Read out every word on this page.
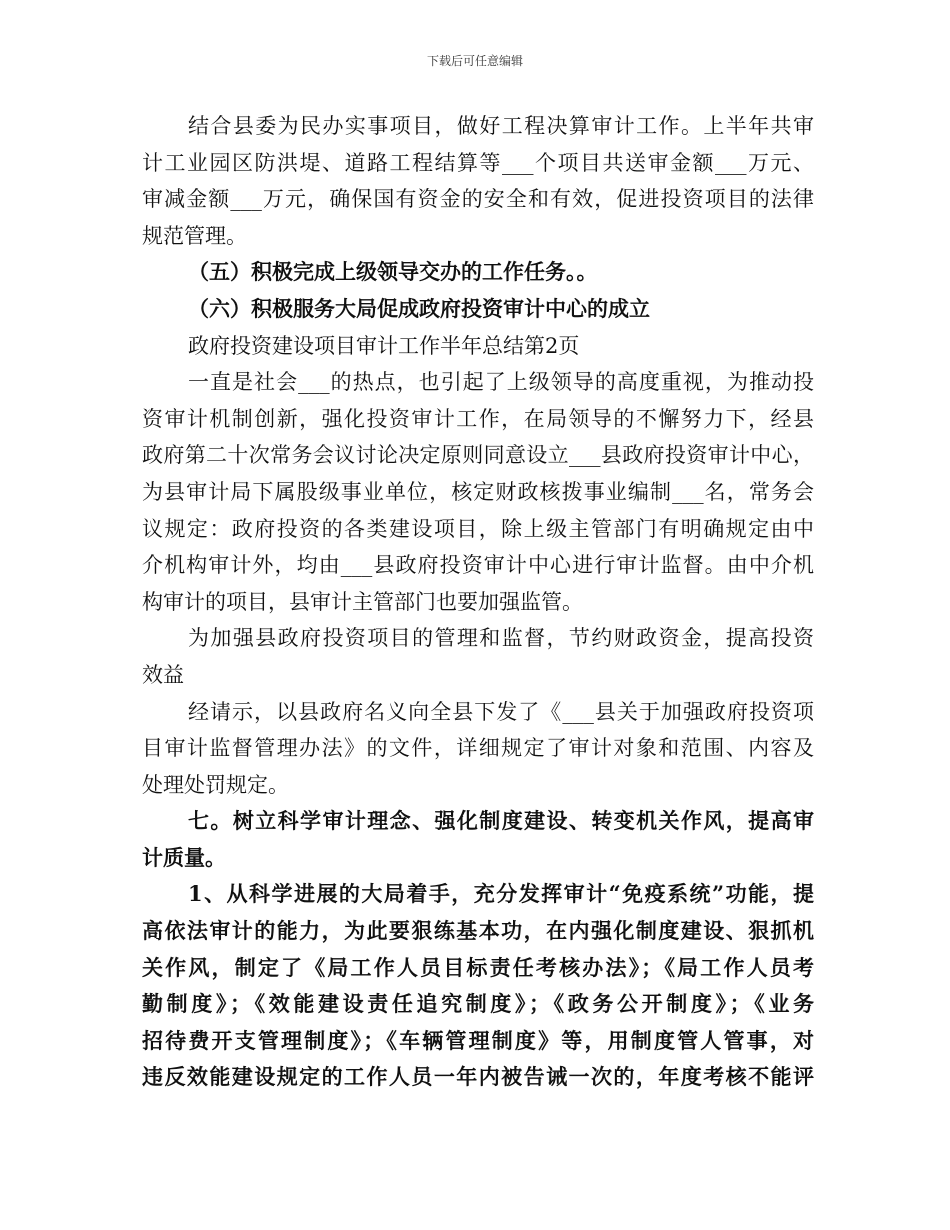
下载后可任意编辑
结合县委为民办实事项目，做好工程决算审计工作。上半年共审
计工业园区防洪堤、道路工程结算等___个项目共送审金额___万元、
审减金额___万元，确保国有资金的安全和有效，促进投资项目的法律
规范管理。
（五）积极完成上级领导交办的工作任务。。
（六）积极服务大局促成政府投资审计中心的成立
政府投资建设项目审计工作半年总结第2页
一直是社会___的热点，也引起了上级领导的高度重视，为推动投
资审计机制创新，强化投资审计工作，在局领导的不懈努力下，经县
政府第二十次常务会议讨论决定原则同意设立___县政府投资审计中心，
为县审计局下属股级事业单位，核定财政核拨事业编制___名，常务会
议规定：政府投资的各类建设项目，除上级主管部门有明确规定由中
介机构审计外，均由___县政府投资审计中心进行审计监督。由中介机
构审计的项目，县审计主管部门也要加强监管。
为加强县政府投资项目的管理和监督，节约财政资金，提高投资
效益
经请示，以县政府名义向全县下发了《___县关于加强政府投资项
目审计监督管理办法》的文件，详细规定了审计对象和范围、内容及
处理处罚规定。
七。树立科学审计理念、强化制度建设、转变机关作风，提高审
计质量。
1、从科学进展的大局着手，充分发挥审计“免疫系统”功能，提
高依法审计的能力，为此要狠练基本功，在内强化制度建设、狠抓机
关作风，制定了《局工作人员目标责任考核办法》；《局工作人员考
勤制度》；《效能建设责任追究制度》；《政务公开制度》；《业务
招待费开支管理制度》；《车辆管理制度》等，用制度管人管事，对
违反效能建设规定的工作人员一年内被告诫一次的，年度考核不能评
